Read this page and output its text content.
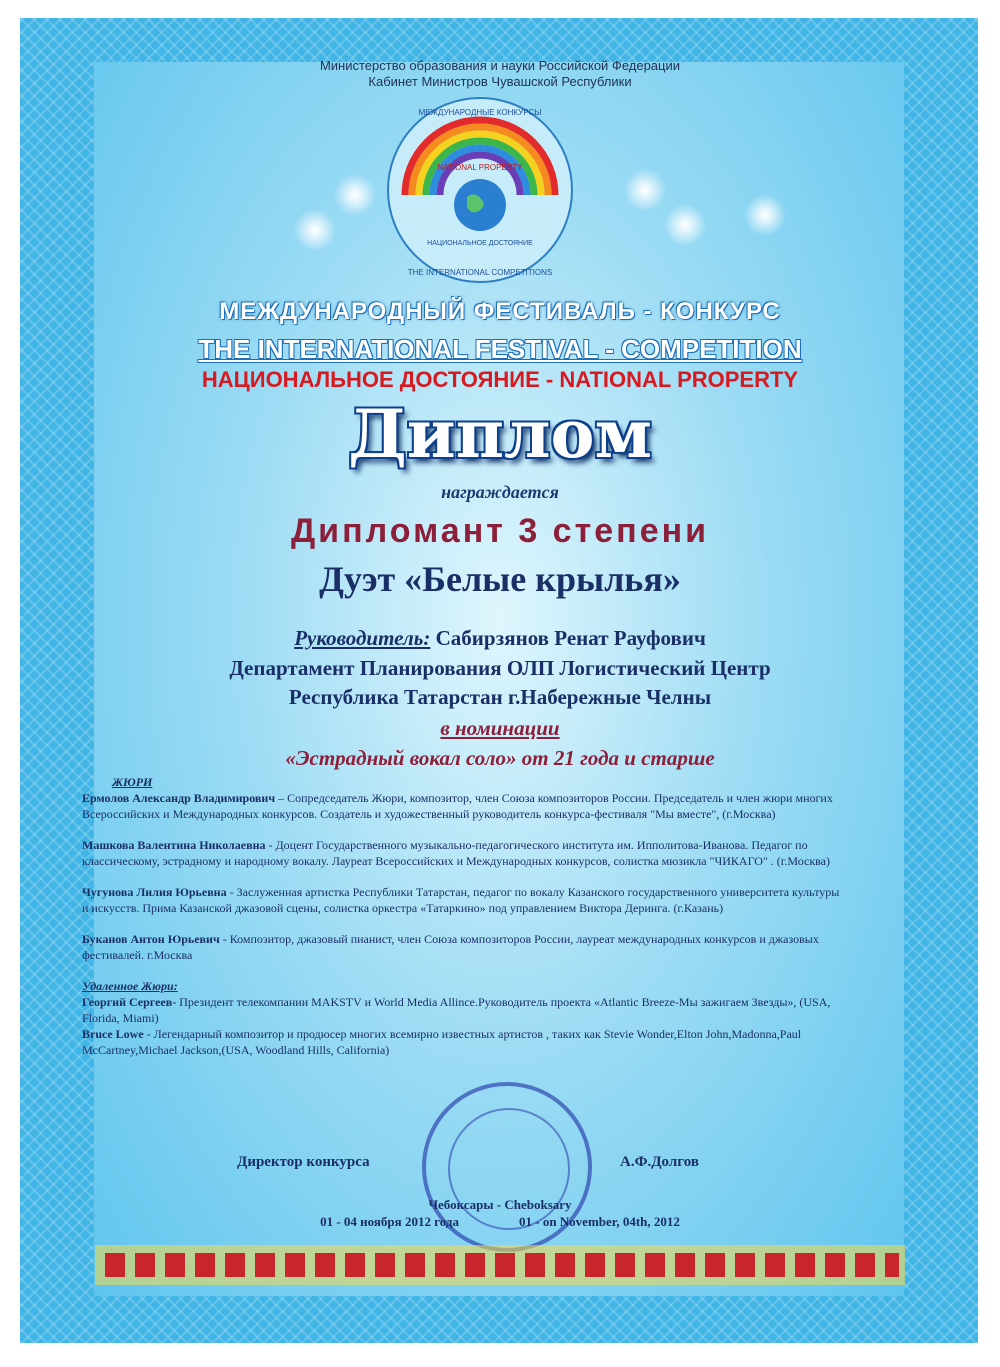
Министерство образования и науки Российской Федерации
Кабинет Министров Чувашской Республики
NATIONAL PROPERTY
НАЦИОНАЛЬНОЕ ДОСТОЯНИЕ
МЕЖДУНАРОДНЫЕ КОНКУРСЫ
THE INTERNATIONAL COMPETITIONS
МЕЖДУНАРОДНЫЙ ФЕСТИВАЛЬ - КОНКУРС
THE INTERNATIONAL FESTIVAL - COMPETITION
НАЦИОНАЛЬНОЕ ДОСТОЯНИЕ - NATIONAL PROPERTY
Диплом
награждается
Дипломант 3 степени
Дуэт «Белые крылья»
Руководитель: Сабирзянов Ренат Рауфович
Департамент Планирования ОЛП Логистический Центр
Республика Татарстан г.Набережные Челны
в номинации
«Эстрадный вокал соло» от 21 года и старше
ЖЮРИ
Ермолов Александр Владимирович – Сопредседатель Жюри, композитор, член Союза композиторов России. Председатель и член жюри многих Всероссийских и Международных конкурсов. Создатель и художественный руководитель конкурса-фестиваля "Мы вместе", (г.Москва)
Машкова Валентина Николаевна - Доцент Государственного музыкально-педагогического института им. Ипполитова-Иванова. Педагог по классическому, эстрадному и народному вокалу. Лауреат Всероссийских и Международных конкурсов, солистка мюзикла "ЧИКАГО" . (г.Москва)
Чугунова Лилия Юрьевна - Заслуженная артистка Республики Татарстан, педагог по вокалу Казанского государственного университета культуры и искусств. Прима Казанской джазовой сцены, солистка оркестра «Татаркино» под управлением Виктора Деринга. (г.Казань)
Буканов Антон Юрьевич - Композитор, джазовый пианист, член Союза композиторов России, лауреат международных конкурсов и джазовых фестивалей. г.Москва
Удаленное Жюри:
Георгий Сергеев- Президент телекомпании MAKSTV и World Media Allince.Руководитель проекта «Atlantic Breeze-Мы зажигаем Звезды», (USA, Florida, Miami)
Bruce Lowe - Легендарный композитор и продюсер многих всемирно известных артистов , таких как Stevie Wonder,Elton John,Madonna,Paul McCartney,Michael Jackson,(USA, Woodland Hills, California)
Директор конкурса	А.Ф.Долгов
Чебоксары - Cheboksary
01 - 04 ноября 2012 года	01 - on November, 04th, 2012
